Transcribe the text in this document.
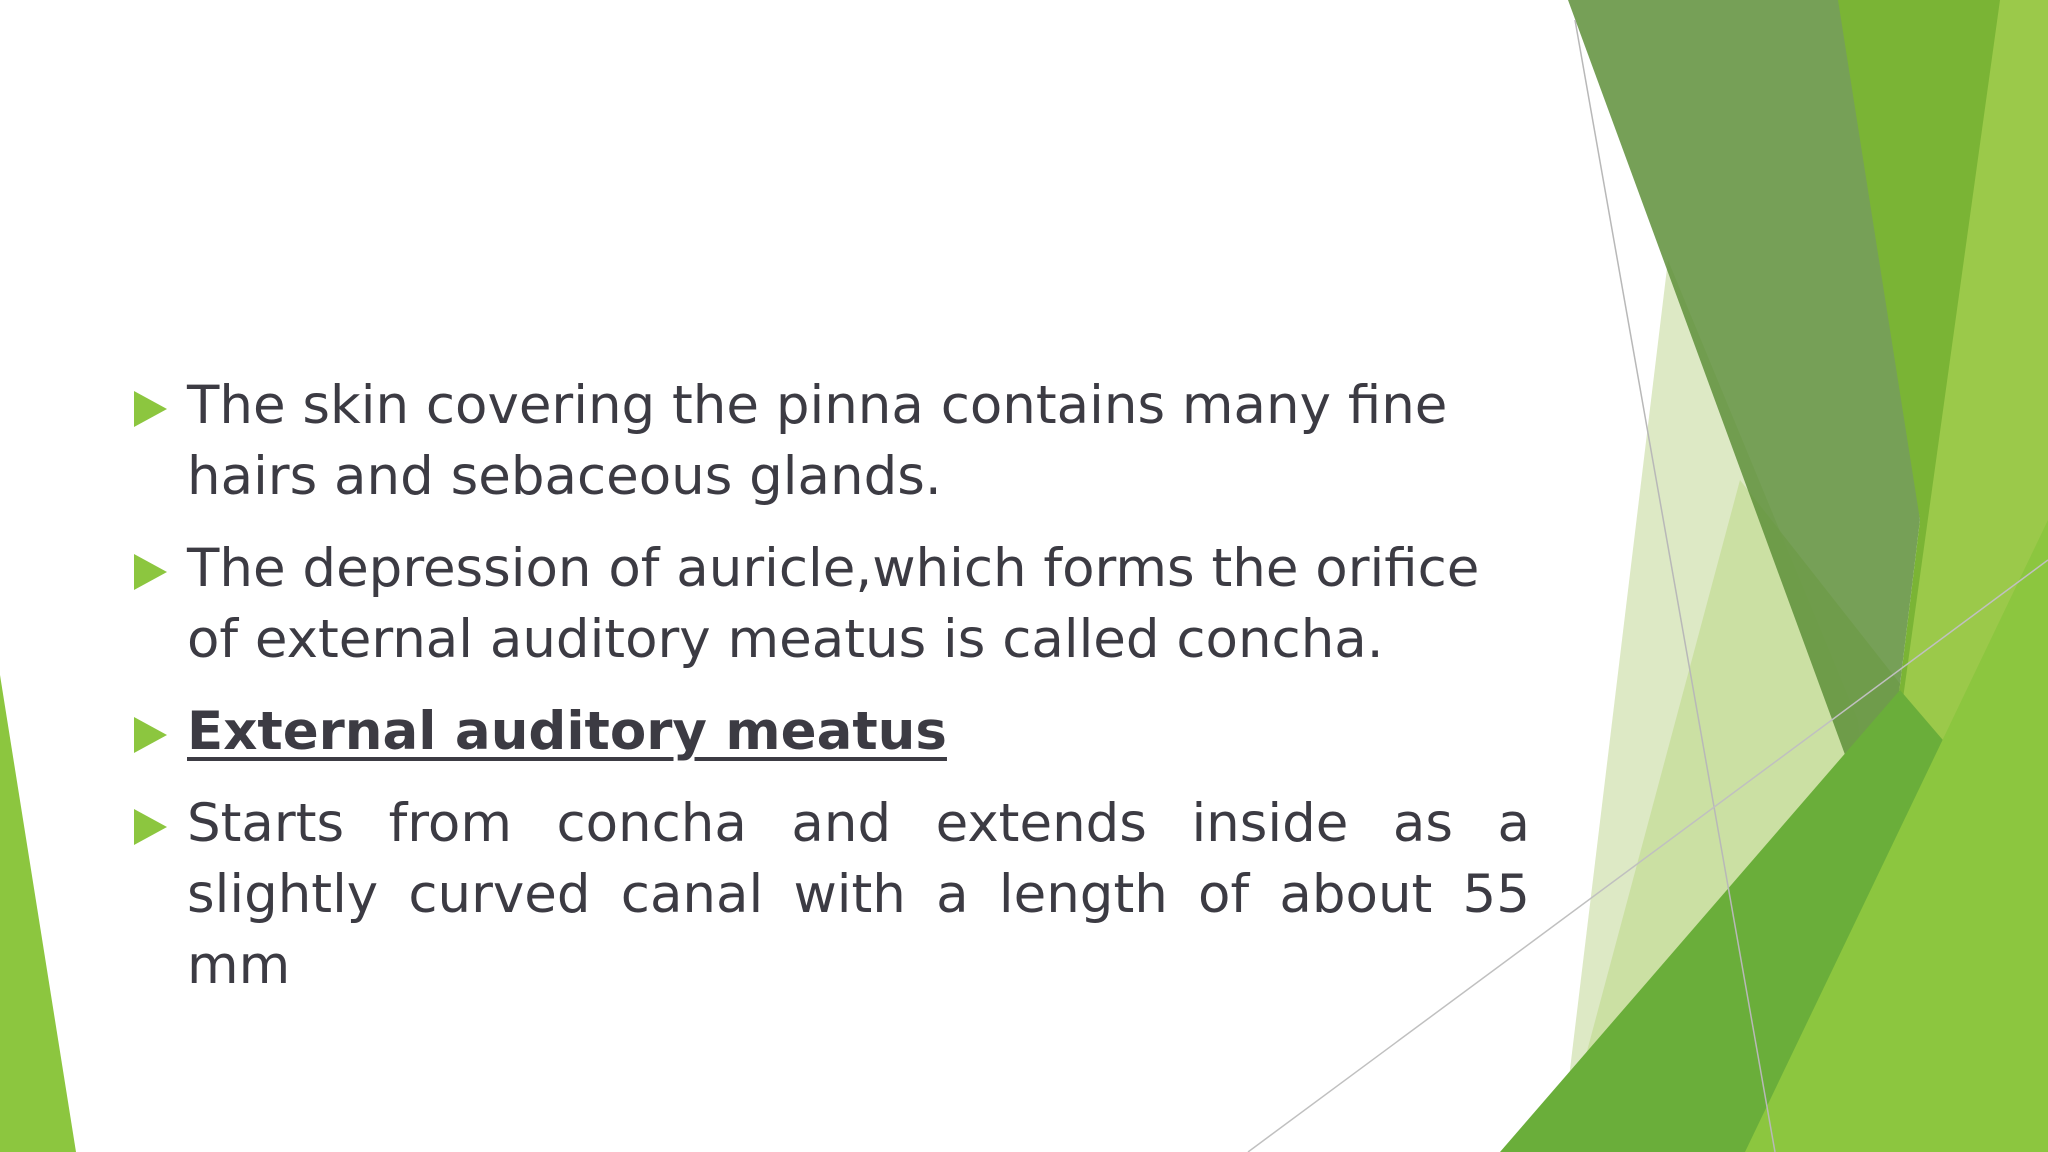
The skin covering the pinna contains many fine hairs and sebaceous glands.
The depression of auricle,which forms the orifice of external auditory meatus is called concha.
External auditory meatus
Starts from concha and extends inside as a slightly curved canal with a length of about 55 mm
